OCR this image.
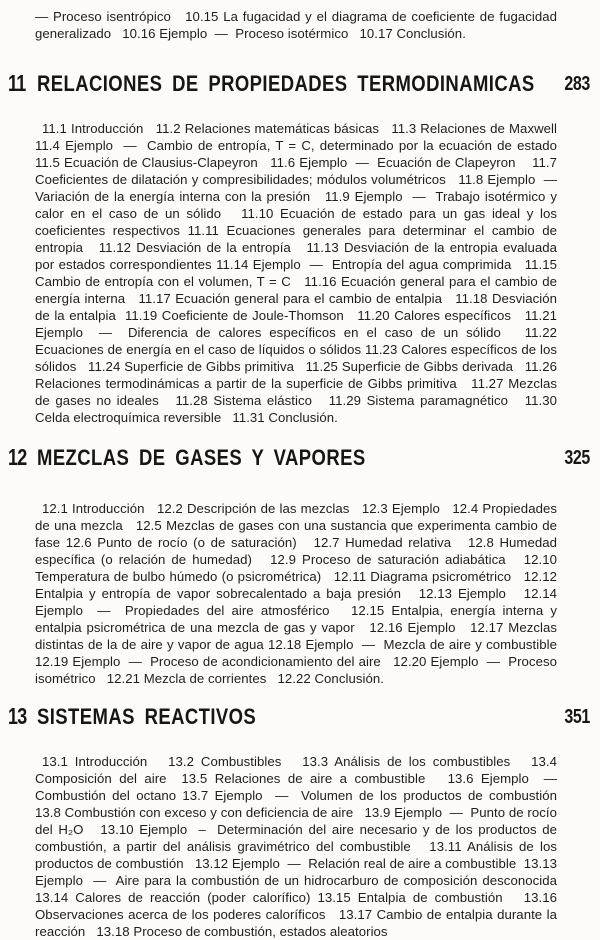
— Proceso isentrópico   10.15 La fugacidad y el diagrama de coeficiente de fugacidad generalizado   10.16 Ejemplo  —  Proceso isotérmico   10.17 Conclusión.

11 RELACIONES DE PROPIEDADES TERMODINAMICAS 283

11.1 Introducción   11.2 Relaciones matemáticas básicas   11.3 Relaciones de Maxwell 11.4 Ejemplo  —  Cambio de entropía, T = C, determinado por la ecuación de estado 11.5 Ecuación de Clausius-Clapeyron   11.6 Ejemplo  —  Ecuación de Clapeyron    11.7 Coeficientes de dilatación y compresibilidades; módulos volumétricos   11.8 Ejemplo  —  Variación de la energía interna con la presión   11.9 Ejemplo  —  Trabajo isotérmico y calor en el caso de un sólido   11.10 Ecuación de estado para un gas ideal y los coeficientes respectivos 11.11 Ecuaciones generales para determinar el cambio de entropia   11.12 Desviación de la entropía   11.13 Desviación de la entropia evaluada por estados correspondientes 11.14 Ejemplo  —  Entropía del agua comprimida   11.15 Cambio de entropía con el volumen, T = C   11.16 Ecuación general para el cambio de energía interna   11.17 Ecuación general para el cambio de entalpia   11.18 Desviación de la entalpia  11.19 Coeficiente de Joule-Thomson   11.20 Calores específicos   11.21 Ejemplo  —  Diferencia de calores específicos en el caso de un sólido   11.22 Ecuaciones de energía en el caso de líquidos o sólidos 11.23 Calores específicos de los sólidos   11.24 Superficie de Gibbs primitiva   11.25 Superficie de Gibbs derivada   11.26 Relaciones termodinámicas a partir de la superficie de Gibbs primitiva   11.27 Mezclas de gases no ideales   11.28 Sistema elástico   11.29 Sistema paramagnético   11.30 Celda electroquímica reversible   11.31 Conclusión.

12 MEZCLAS DE GASES Y VAPORES	325

12.1 Introducción   12.2 Descripción de las mezclas   12.3 Ejemplo   12.4 Propiedades de una mezcla   12.5 Mezclas de gases con una sustancia que experimenta cambio de fase 12.6 Punto de rocío (o de saturación)   12.7 Humedad relativa   12.8 Humedad específica (o relación de humedad)   12.9 Proceso de saturación adiabática   12.10 Temperatura de bulbo húmedo (o psicrométrica)   12.11 Diagrama psicrométrico   12.12 Entalpia y entropía de vapor sobrecalentado a baja presión   12.13 Ejemplo   12.14 Ejemplo  —  Propiedades del aire atmosférico   12.15 Entalpia, energía interna y entalpia psicrométrica de una mezcla de gas y vapor   12.16 Ejemplo   12.17 Mezclas distintas de la de aire y vapor de agua 12.18 Ejemplo  —  Mezcla de aire y combustible   12.19 Ejemplo  —  Proceso de acondicionamiento del aire   12.20 Ejemplo  —  Proceso isométrico   12.21 Mezcla de corrientes   12.22 Conclusión.

13 SISTEMAS REACTIVOS	351

13.1 Introducción   13.2 Combustibles   13.3 Análisis de los combustibles   13.4 Composición del aire  13.5 Relaciones de aire a combustible   13.6 Ejemplo  —  Combustión del octano 13.7 Ejemplo  —  Volumen de los productos de combustión   13.8 Combustión con exceso y con deficiencia de aire   13.9 Ejemplo  —  Punto de rocío del H₂O   13.10 Ejemplo  –  Determinación del aire necesario y de los productos de combustión, a partir del análisis gravimétrico del combustible   13.11 Análisis de los productos de combustión   13.12 Ejemplo  —  Relación real de aire a combustible  13.13 Ejemplo  —  Aire para la combustión de un hidrocarburo de composición desconocida  13.14 Calores de reacción (poder calorífico) 13.15 Entalpia de combustión   13.16 Observaciones acerca de los poderes caloríficos   13.17 Cambio de entalpia durante la reacción   13.18 Proceso de combustión, estados aleatorios
